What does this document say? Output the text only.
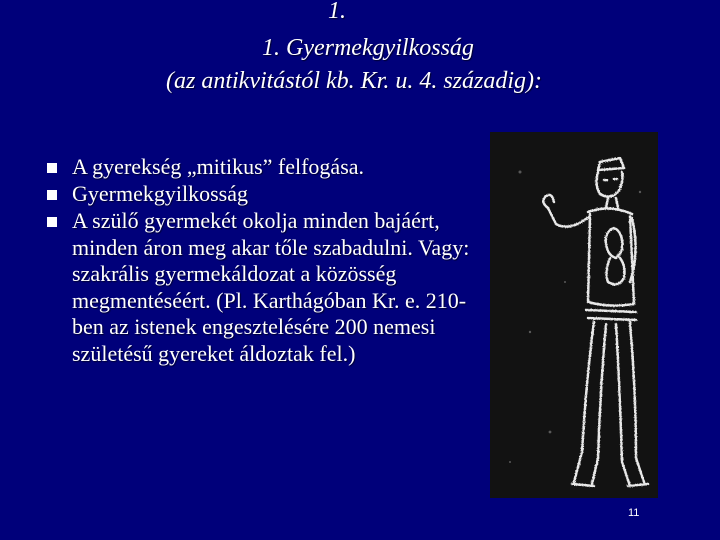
1.
1. Gyermekgyilkosság
(az antikvitástól kb. Kr. u. 4. századig):
A gyerekség „mitikus” felfogása.
Gyermekgyilkosság
A szülő gyermekét okolja minden bajáért, minden áron meg akar tőle szabadulni. Vagy: szakrális gyermekáldozat a közösség megmentéséért. (Pl. Karthágóban Kr. e. 210-ben az istenek engesztelésére 200 nemesi születésű gyereket áldoztak fel.)
11
